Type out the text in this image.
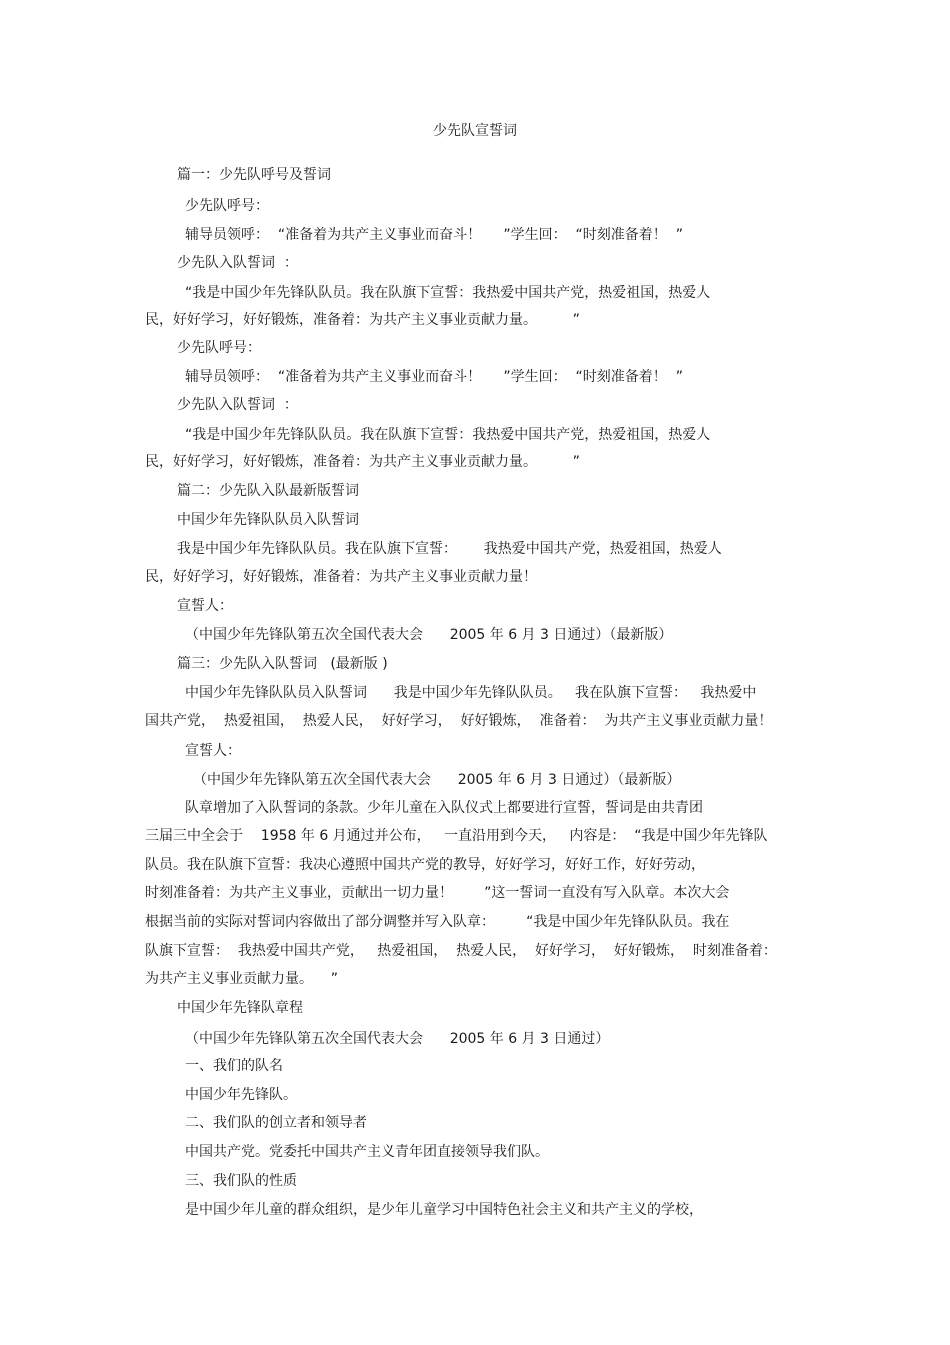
少先队宣誓词
篇一：少先队呼号及誓词
少先队呼号：
辅导员领呼：  “准备着为共产主义事业而奋斗！     ”学生回：  “时刻准备着！  ”
少先队入队誓词  ：
“我是中国少年先锋队队员。我在队旗下宣誓：我热爱中国共产党，热爱祖国，热爱人
民，好好学习，好好锻炼，准备着：为共产主义事业贡献力量。        ”
少先队呼号：
辅导员领呼：  “准备着为共产主义事业而奋斗！     ”学生回：  “时刻准备着！  ”
少先队入队誓词  ：
“我是中国少年先锋队队员。我在队旗下宣誓：我热爱中国共产党，热爱祖国，热爱人
民，好好学习，好好锻炼，准备着：为共产主义事业贡献力量。        ”
篇二：少先队入队最新版誓词
中国少年先锋队队员入队誓词
我是中国少年先锋队队员。我在队旗下宣誓：      我热爱中国共产党，热爱祖国，热爱人
民，好好学习，好好锻炼，准备着：为共产主义事业贡献力量！
宣誓人：
（中国少年先锋队第五次全国代表大会      2005 年 6 月 3 日通过）（最新版）
篇三：少先队入队誓词   (最新版 )
中国少年先锋队队员入队誓词      我是中国少年先锋队队员。   我在队旗下宣誓：   我热爱中
国共产党，  热爱祖国，  热爱人民，  好好学习，  好好锻炼，  准备着：  为共产主义事业贡献力量！
宣誓人：
（中国少年先锋队第五次全国代表大会      2005 年 6 月 3 日通过）（最新版）
队章增加了入队誓词的条款。少年儿童在入队仪式上都要进行宣誓，誓词是由共青团
三届三中全会于    1958 年 6 月通过并公布，   一直沿用到今天，   内容是：  “我是中国少年先锋队
队员。我在队旗下宣誓：我决心遵照中国共产党的教导，好好学习，好好工作，好好劳动，
时刻准备着：为共产主义事业，贡献出一切力量！       ”这一誓词一直没有写入队章。本次大会
根据当前的实际对誓词内容做出了部分调整并写入队章：       “我是中国少年先锋队队员。我在
队旗下宣誓：  我热爱中国共产党，   热爱祖国，  热爱人民，  好好学习，  好好锻炼，  时刻准备着：
为共产主义事业贡献力量。    ”
中国少年先锋队章程
（中国少年先锋队第五次全国代表大会      2005 年 6 月 3 日通过）
一、我们的队名
中国少年先锋队。
二、我们队的创立者和领导者
中国共产党。党委托中国共产主义青年团直接领导我们队。
三、我们队的性质
是中国少年儿童的群众组织，是少年儿童学习中国特色社会主义和共产主义的学校，
